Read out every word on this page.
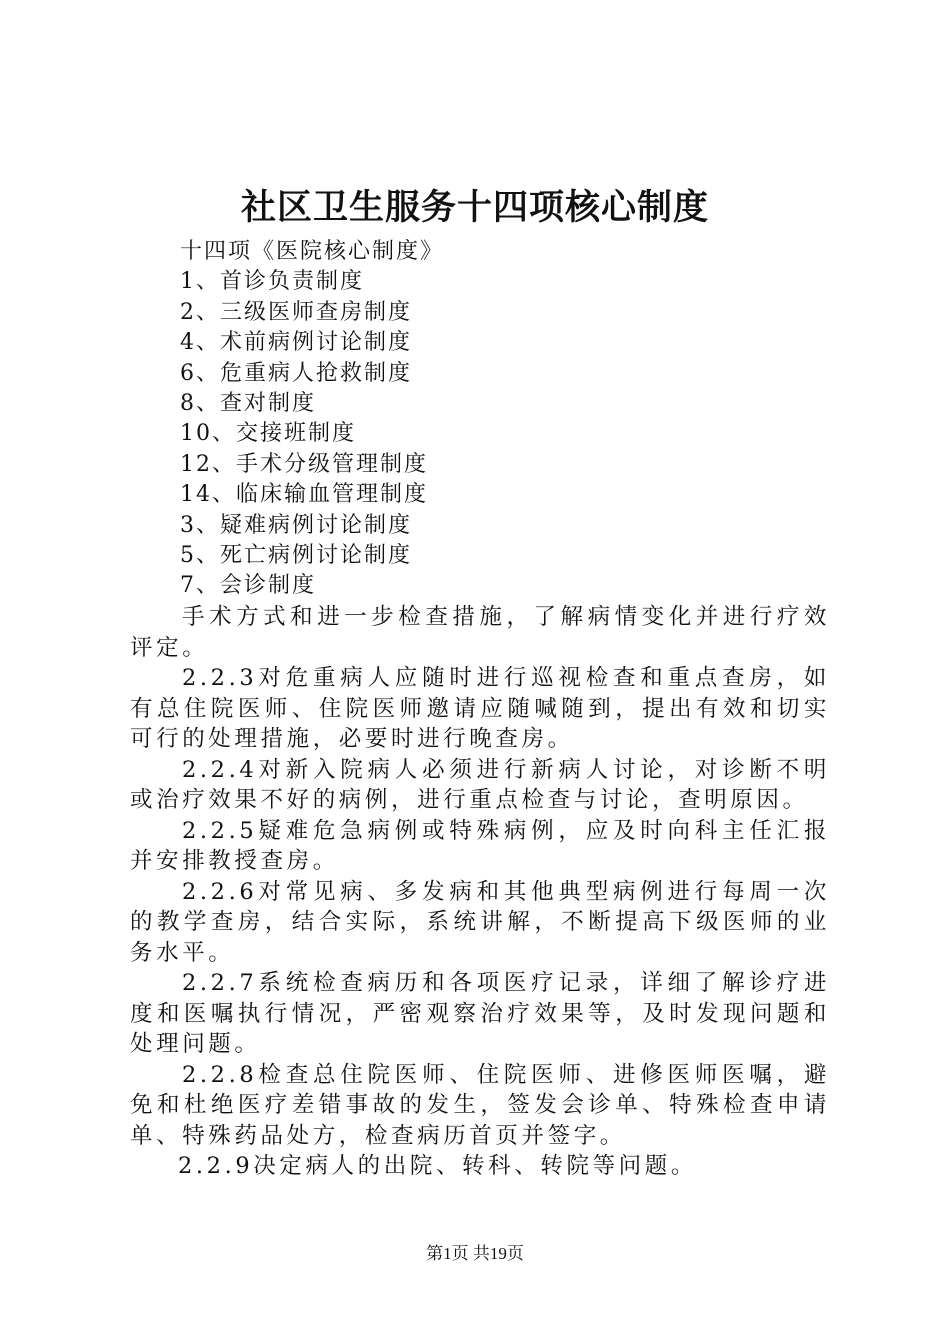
社区卫生服务十四项核心制度
十四项《医院核心制度》
1、首诊负责制度
2、三级医师查房制度
4、术前病例讨论制度
6、危重病人抢救制度
8、查对制度
10、交接班制度
12、手术分级管理制度
14、临床输血管理制度
3、疑难病例讨论制度
5、死亡病例讨论制度
7、会诊制度

手术方式和进一步检查措施，了解病情变化并进行疗效评定。

2.2.3对危重病人应随时进行巡视检查和重点查房，如有总住院医师、住院医师邀请应随喊随到，提出有效和切实可行的处理措施，必要时进行晚查房。

2.2.4对新入院病人必须进行新病人讨论，对诊断不明或治疗效果不好的病例，进行重点检查与讨论，查明原因。

2.2.5疑难危急病例或特殊病例，应及时向科主任汇报并安排教授查房。

2.2.6对常见病、多发病和其他典型病例进行每周一次的教学查房，结合实际，系统讲解，不断提高下级医师的业务水平。

2.2.7系统检查病历和各项医疗记录，详细了解诊疗进度和医嘱执行情况，严密观察治疗效果等，及时发现问题和处理问题。

2.2.8检查总住院医师、住院医师、进修医师医嘱，避免和杜绝医疗差错事故的发生，签发会诊单、特殊检查申请单、特殊药品处方，检查病历首页并签字。

2.2.9决定病人的出院、转科、转院等问题。

第1页 共19页
